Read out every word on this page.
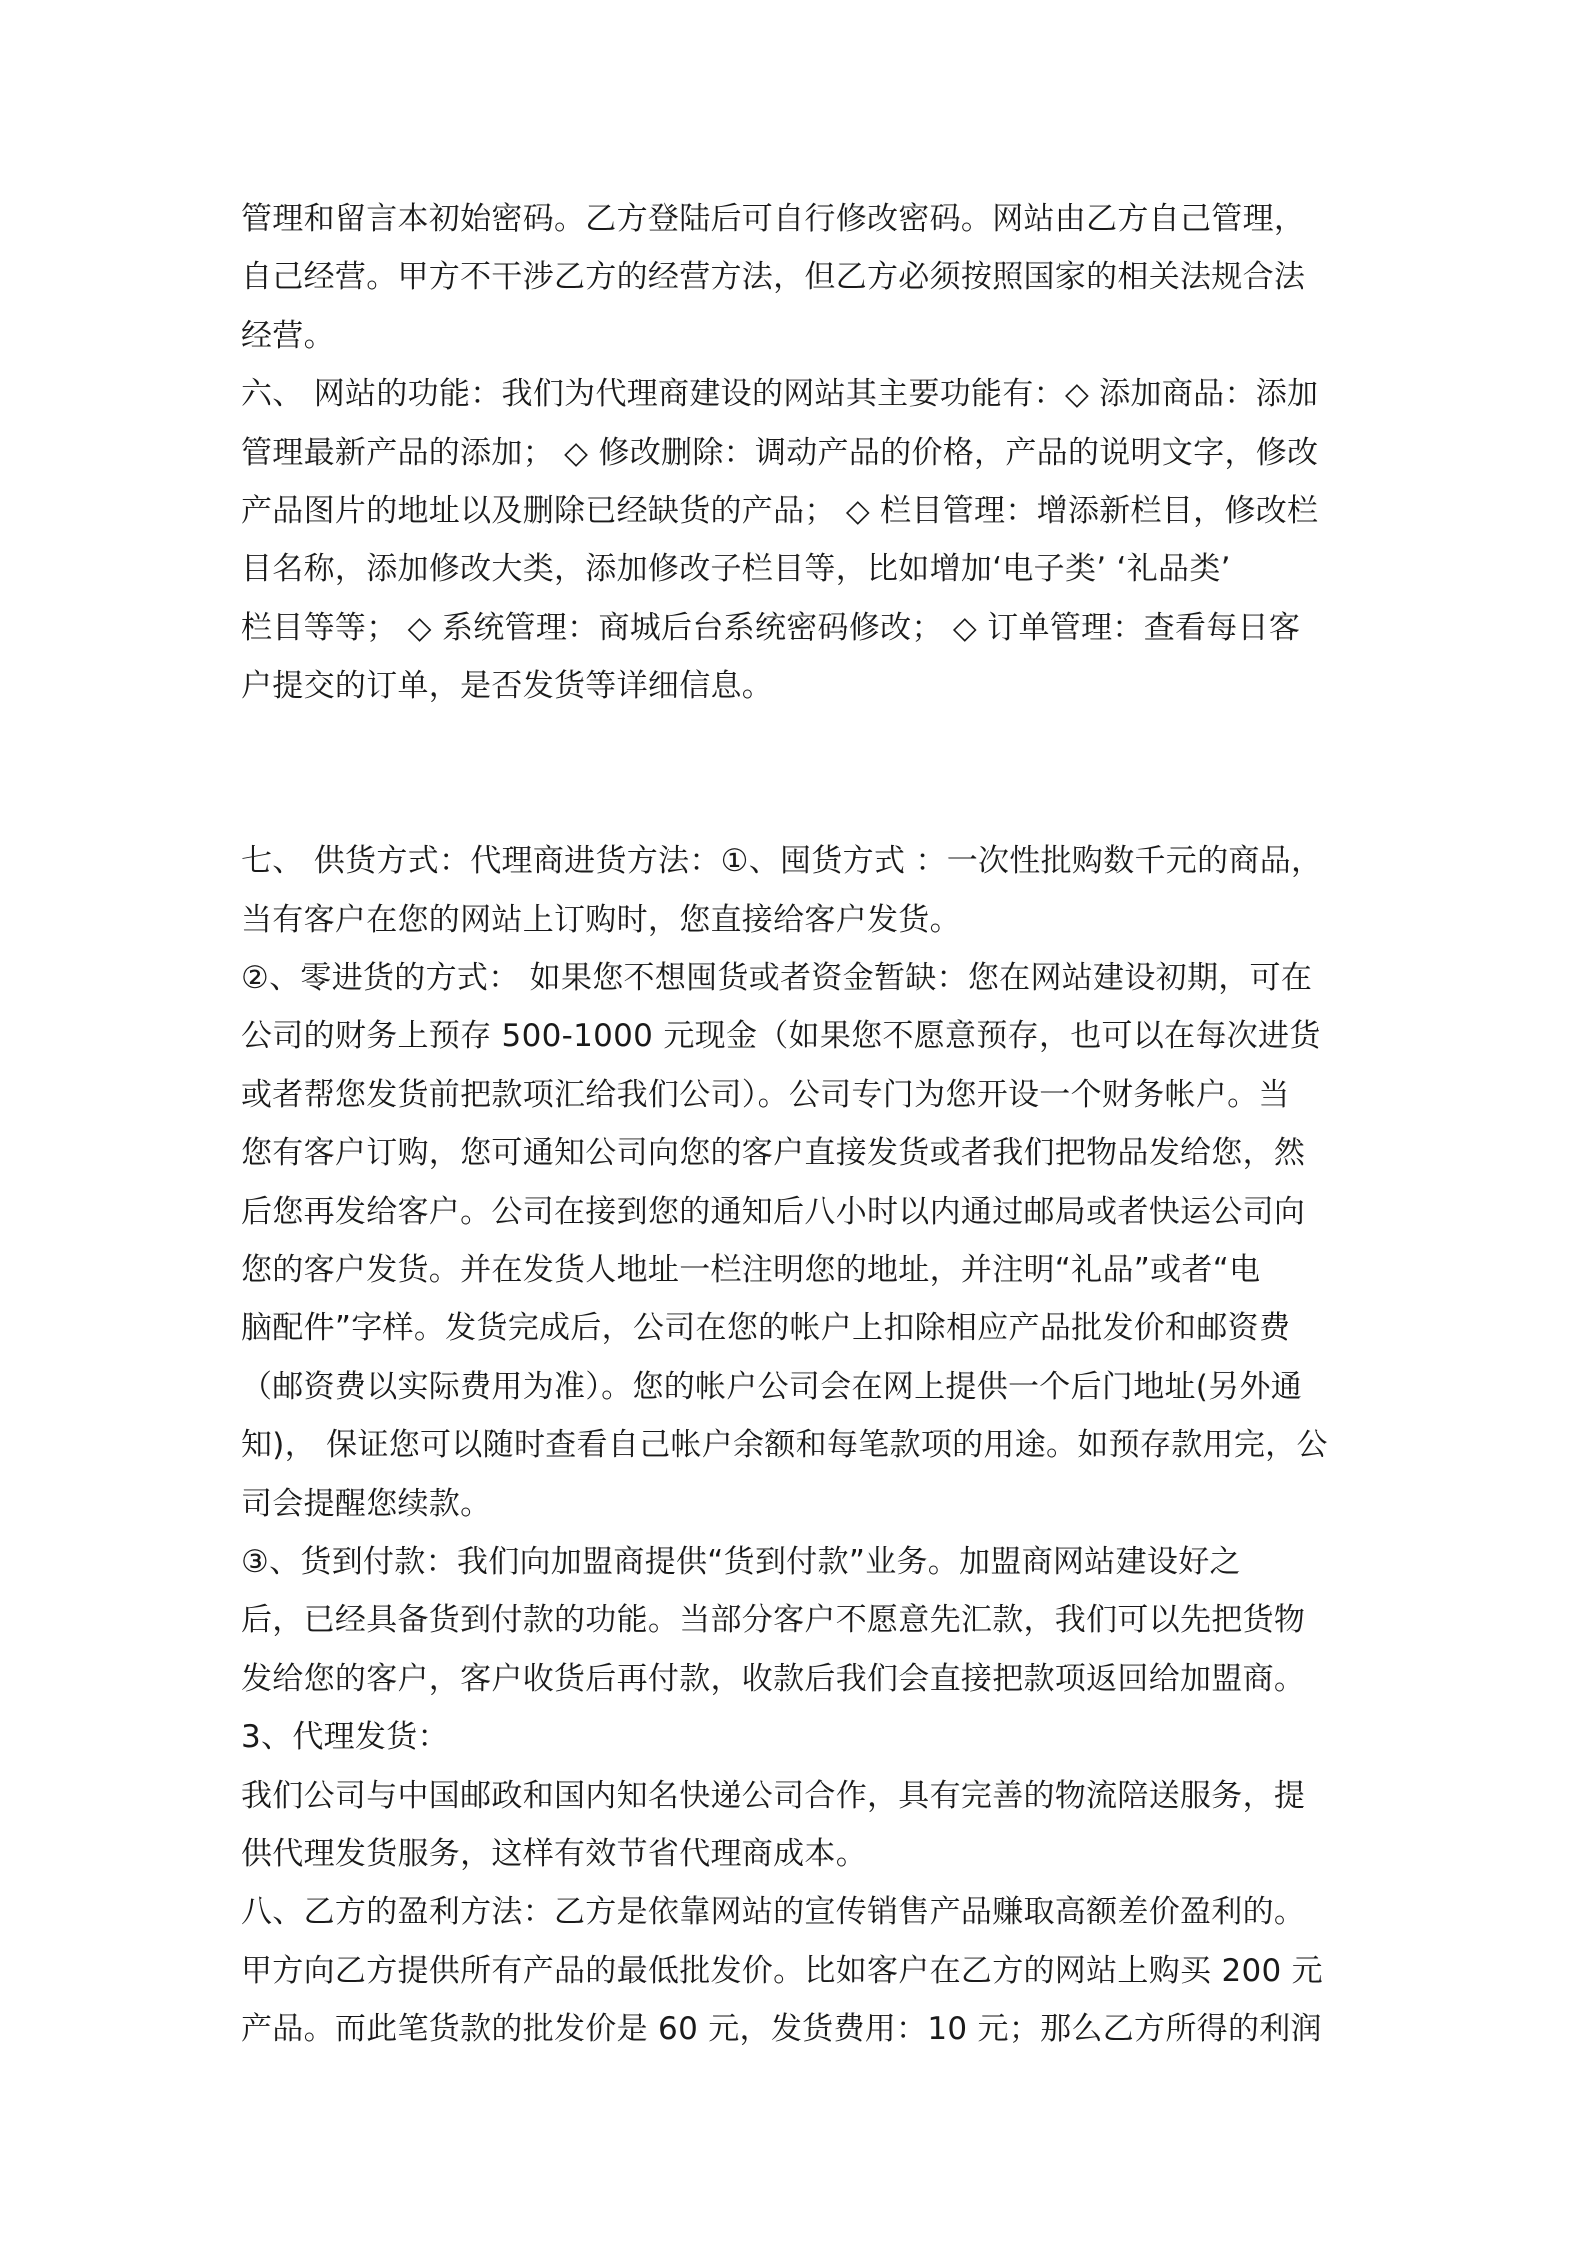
管理和留言本初始密码。乙方登陆后可自行修改密码。网站由乙方自己管理，
自己经营。甲方不干涉乙方的经营方法，但乙方必须按照国家的相关法规合法
经营。
六、 网站的功能：我们为代理商建设的网站其主要功能有：◇ 添加商品：添加
管理最新产品的添加； ◇ 修改删除：调动产品的价格，产品的说明文字，修改
产品图片的地址以及删除已经缺货的产品； ◇ 栏目管理：增添新栏目，修改栏
目名称，添加修改大类，添加修改子栏目等，比如增加‘电子类’ ‘礼品类’
栏目等等； ◇ 系统管理：商城后台系统密码修改； ◇ 订单管理：查看每日客
户提交的订单，是否发货等详细信息。
七、 供货方式：代理商进货方法：①、囤货方式 ：一次性批购数千元的商品，
当有客户在您的网站上订购时，您直接给客户发货。
②、零进货的方式： 如果您不想囤货或者资金暂缺：您在网站建设初期，可在
公司的财务上预存 500-1000 元现金（如果您不愿意预存，也可以在每次进货
或者帮您发货前把款项汇给我们公司）。公司专门为您开设一个财务帐户。当
您有客户订购，您可通知公司向您的客户直接发货或者我们把物品发给您，然
后您再发给客户。公司在接到您的通知后八小时以内通过邮局或者快运公司向
您的客户发货。并在发货人地址一栏注明您的地址，并注明“礼品”或者“电
脑配件”字样。发货完成后，公司在您的帐户上扣除相应产品批发价和邮资费
（邮资费以实际费用为准）。您的帐户公司会在网上提供一个后门地址(另外通
知)， 保证您可以随时查看自己帐户余额和每笔款项的用途。如预存款用完，公
司会提醒您续款。
③、货到付款：我们向加盟商提供“货到付款”业务。加盟商网站建设好之
后，已经具备货到付款的功能。当部分客户不愿意先汇款，我们可以先把货物
发给您的客户，客户收货后再付款，收款后我们会直接把款项返回给加盟商。
3、代理发货：
我们公司与中国邮政和国内知名快递公司合作，具有完善的物流陪送服务，提
供代理发货服务，这样有效节省代理商成本。
八、乙方的盈利方法：乙方是依靠网站的宣传销售产品赚取高额差价盈利的。
甲方向乙方提供所有产品的最低批发价。比如客户在乙方的网站上购买 200 元
产品。而此笔货款的批发价是 60 元，发货费用：10 元；那么乙方所得的利润
